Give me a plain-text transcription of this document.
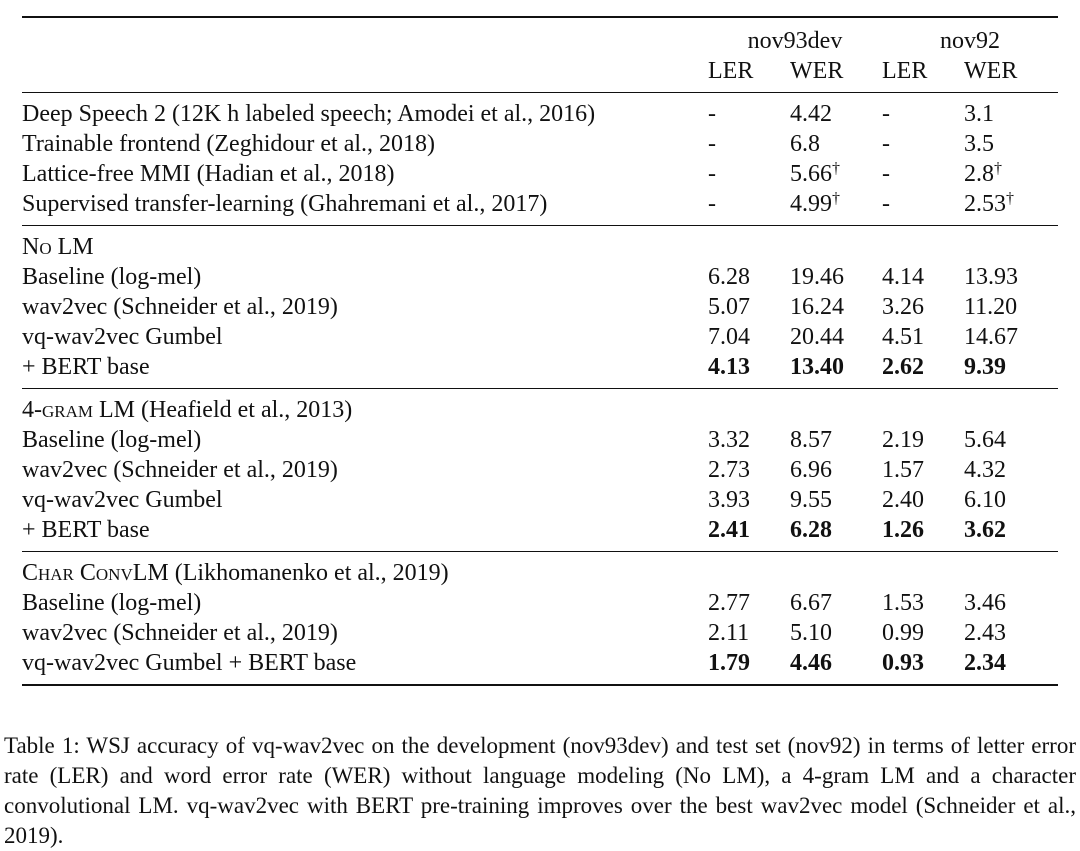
	nov93dev		nov92	
	LER	WER	LER	WER

Deep Speech 2 (12K h labeled speech; Amodei et al., 2016)	-	4.42	-	3.1
Trainable frontend (Zeghidour et al., 2018)	-	6.8	-	3.5
Lattice-free MMI (Hadian et al., 2018)	-	5.66†	-	2.8†
Supervised transfer-learning (Ghahremani et al., 2017)	-	4.99†	-	2.53†

No LM				
Baseline (log-mel)	6.28	19.46	4.14	13.93
wav2vec (Schneider et al., 2019)	5.07	16.24	3.26	11.20
vq-wav2vec Gumbel	7.04	20.44	4.51	14.67
+ BERT base	4.13	13.40	2.62	9.39

4-gram LM (Heafield et al., 2013)				
Baseline (log-mel)	3.32	8.57	2.19	5.64
wav2vec (Schneider et al., 2019)	2.73	6.96	1.57	4.32
vq-wav2vec Gumbel	3.93	9.55	2.40	6.10
+ BERT base	2.41	6.28	1.26	3.62

Char ConvLM (Likhomanenko et al., 2019)				
Baseline (log-mel)	2.77	6.67	1.53	3.46
wav2vec (Schneider et al., 2019)	2.11	5.10	0.99	2.43
vq-wav2vec Gumbel + BERT base	1.79	4.46	0.93	2.34

Table 1: WSJ accuracy of vq-wav2vec on the development (nov93dev) and test set (nov92) in terms of letter error rate (LER) and word error rate (WER) without language modeling (No LM), a 4-gram LM and a character convolutional LM. vq-wav2vec with BERT pre-training improves over the best wav2vec model (Schneider et al., 2019).
